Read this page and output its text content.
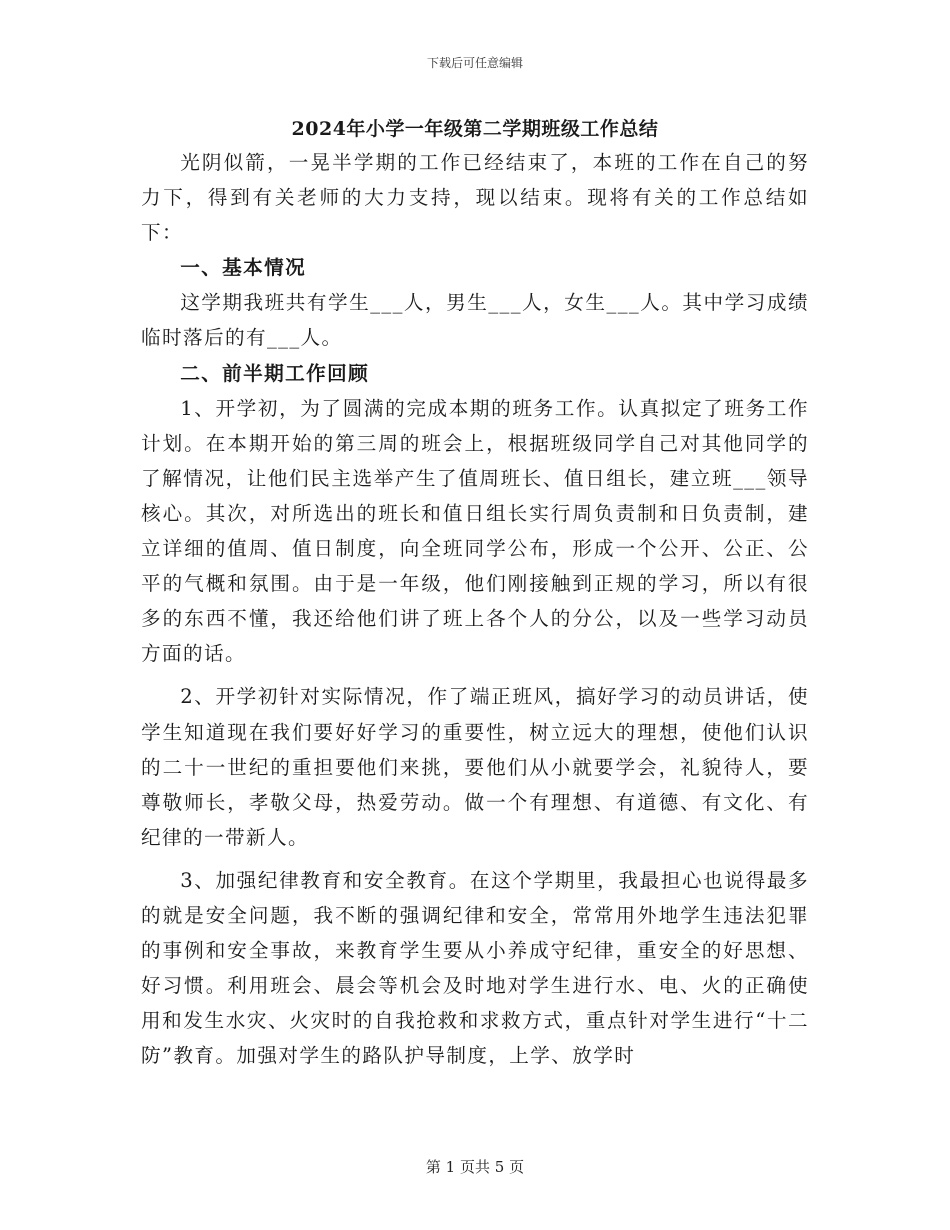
下载后可任意编辑
2024年小学一年级第二学期班级工作总结

光阴似箭，一晃半学期的工作已经结束了，本班的工作在自己的努力下，得到有关老师的大力支持，现以结束。现将有关的工作总结如下：

一、基本情况

这学期我班共有学生___人，男生___人，女生___人。其中学习成绩临时落后的有___人。

二、前半期工作回顾

1、开学初，为了圆满的完成本期的班务工作。认真拟定了班务工作计划。在本期开始的第三周的班会上，根据班级同学自己对其他同学的了解情况，让他们民主选举产生了值周班长、值日组长，建立班___领导核心。其次，对所选出的班长和值日组长实行周负责制和日负责制，建立详细的值周、值日制度，向全班同学公布，形成一个公开、公正、公平的气概和氛围。由于是一年级，他们刚接触到正规的学习，所以有很多的东西不懂，我还给他们讲了班上各个人的分公，以及一些学习动员方面的话。

2、开学初针对实际情况，作了端正班风，搞好学习的动员讲话，使学生知道现在我们要好好学习的重要性，树立远大的理想，使他们认识的二十一世纪的重担要他们来挑，要他们从小就要学会，礼貌待人，要尊敬师长，孝敬父母，热爱劳动。做一个有理想、有道德、有文化、有纪律的一带新人。

3、加强纪律教育和安全教育。在这个学期里，我最担心也说得最多的就是安全问题，我不断的强调纪律和安全，常常用外地学生违法犯罪的事例和安全事故，来教育学生要从小养成守纪律，重安全的好思想、好习惯。利用班会、晨会等机会及时地对学生进行水、电、火的正确使用和发生水灾、火灾时的自我抢救和求救方式，重点针对学生进行“十二防”教育。加强对学生的路队护导制度，上学、放学时

第 1 页共 5 页
